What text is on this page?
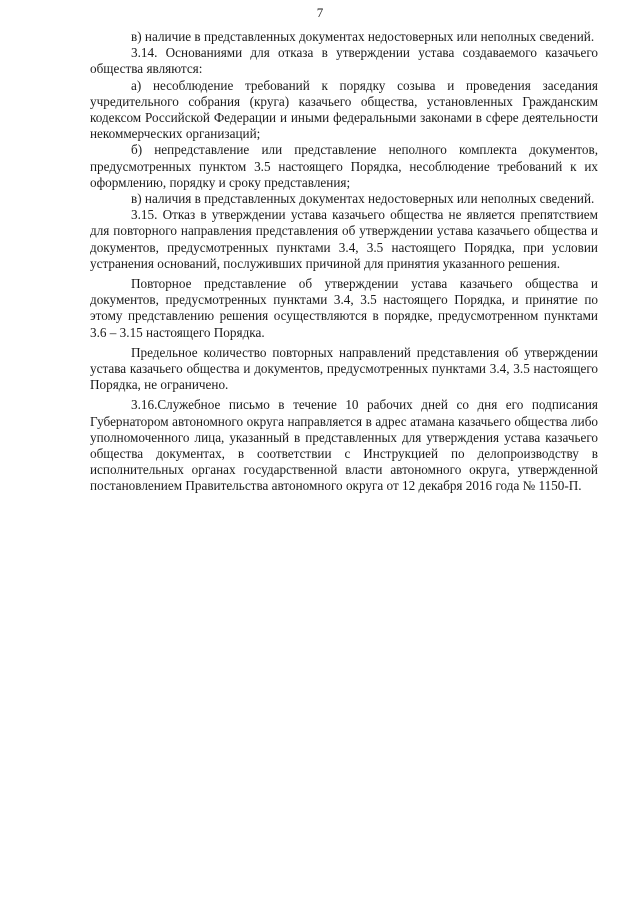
7

в) наличие в представленных документах недостоверных или неполных сведений.

3.14. Основаниями для отказа в утверждении устава создаваемого казачьего общества являются:

а) несоблюдение требований к порядку созыва и проведения заседания учредительного собрания (круга) казачьего общества, установленных Гражданским кодексом Российской Федерации и иными федеральными законами в сфере деятельности некоммерческих организаций;

б) непредставление или представление неполного комплекта документов, предусмотренных пунктом 3.5 настоящего Порядка, несоблюдение требований к их оформлению, порядку и сроку представления;

в) наличия в представленных документах недостоверных или неполных сведений.

3.15. Отказ в утверждении устава казачьего общества не является препятствием для повторного направления представления об утверждении устава казачьего общества и документов, предусмотренных пунктами 3.4, 3.5 настоящего Порядка, при условии устранения оснований, послуживших причиной для принятия указанного решения.

Повторное представление об утверждении устава казачьего общества и документов, предусмотренных пунктами 3.4, 3.5 настоящего Порядка, и принятие по этому представлению решения осуществляются в порядке, предусмотренном пунктами 3.6 – 3.15 настоящего Порядка.

Предельное количество повторных направлений представления об утверждении устава казачьего общества и документов, предусмотренных пунктами 3.4, 3.5 настоящего Порядка, не ограничено.

3.16.Служебное письмо в течение 10 рабочих дней со дня его подписания Губернатором автономного округа направляется в адрес атамана казачьего общества либо уполномоченного лица, указанный в представленных для утверждения устава казачьего общества документах, в соответствии с Инструкцией по делопроизводству в исполнительных органах государственной власти автономного округа, утвержденной постановлением Правительства автономного округа от 12 декабря 2016 года № 1150-П.
